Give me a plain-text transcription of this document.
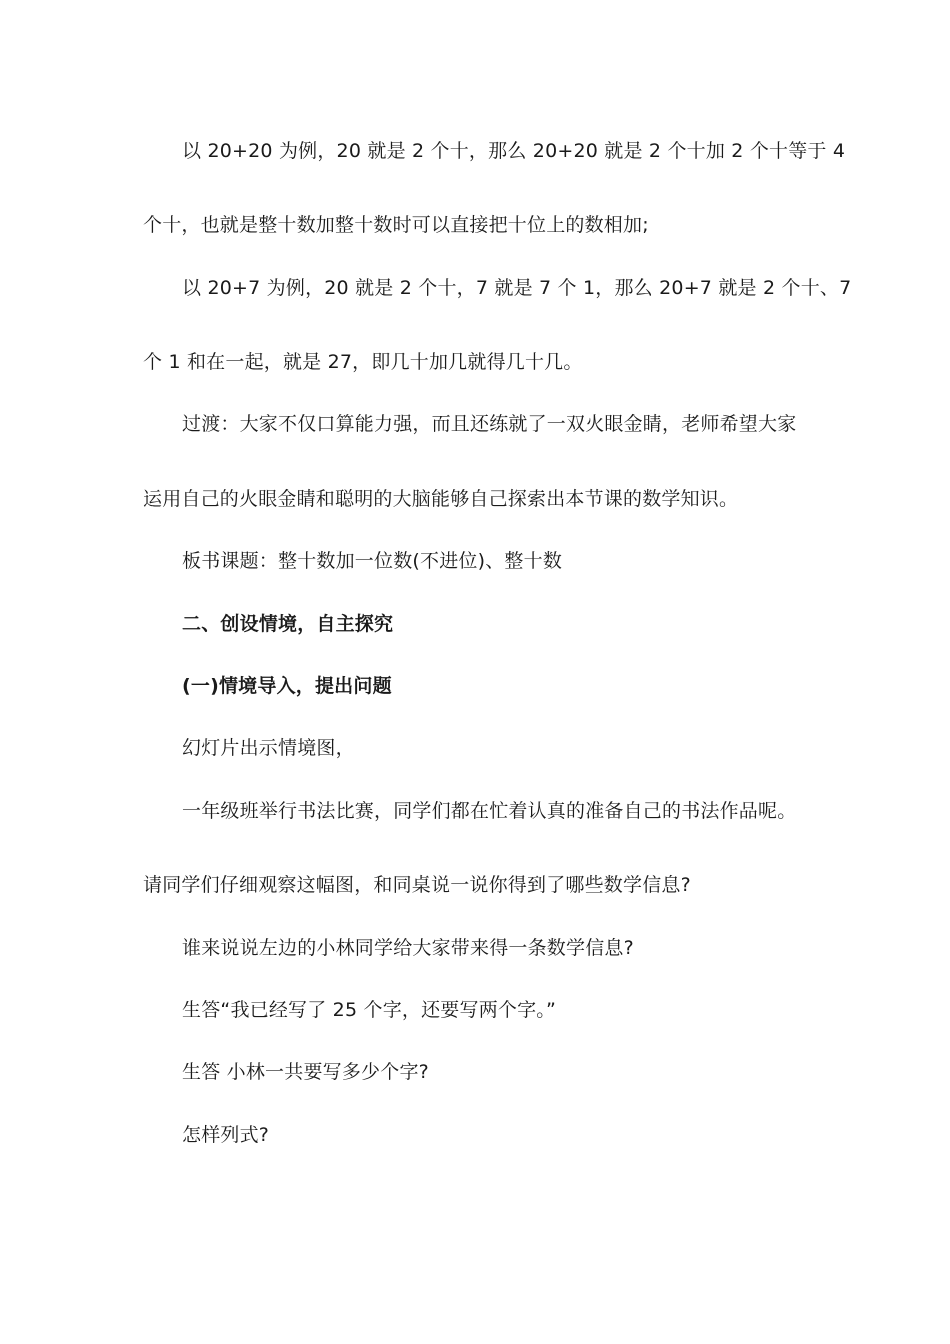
以 20+20 为例，20 就是 2 个十，那么 20+20 就是 2 个十加 2 个十等于 4
个十，也就是整十数加整十数时可以直接把十位上的数相加;
以 20+7 为例，20 就是 2 个十，7 就是 7 个 1，那么 20+7 就是 2 个十、7
个 1 和在一起，就是 27，即几十加几就得几十几。
过渡：大家不仅口算能力强，而且还练就了一双火眼金睛，老师希望大家
运用自己的火眼金睛和聪明的大脑能够自己探索出本节课的数学知识。
板书课题：整十数加一位数(不进位)、整十数
二、创设情境，自主探究
(一)情境导入，提出问题
幻灯片出示情境图，
一年级班举行书法比赛，同学们都在忙着认真的准备自己的书法作品呢。
请同学们仔细观察这幅图，和同桌说一说你得到了哪些数学信息?
谁来说说左边的小林同学给大家带来得一条数学信息?
生答“我已经写了 25 个字，还要写两个字。”
生答 小林一共要写多少个字?
怎样列式?
